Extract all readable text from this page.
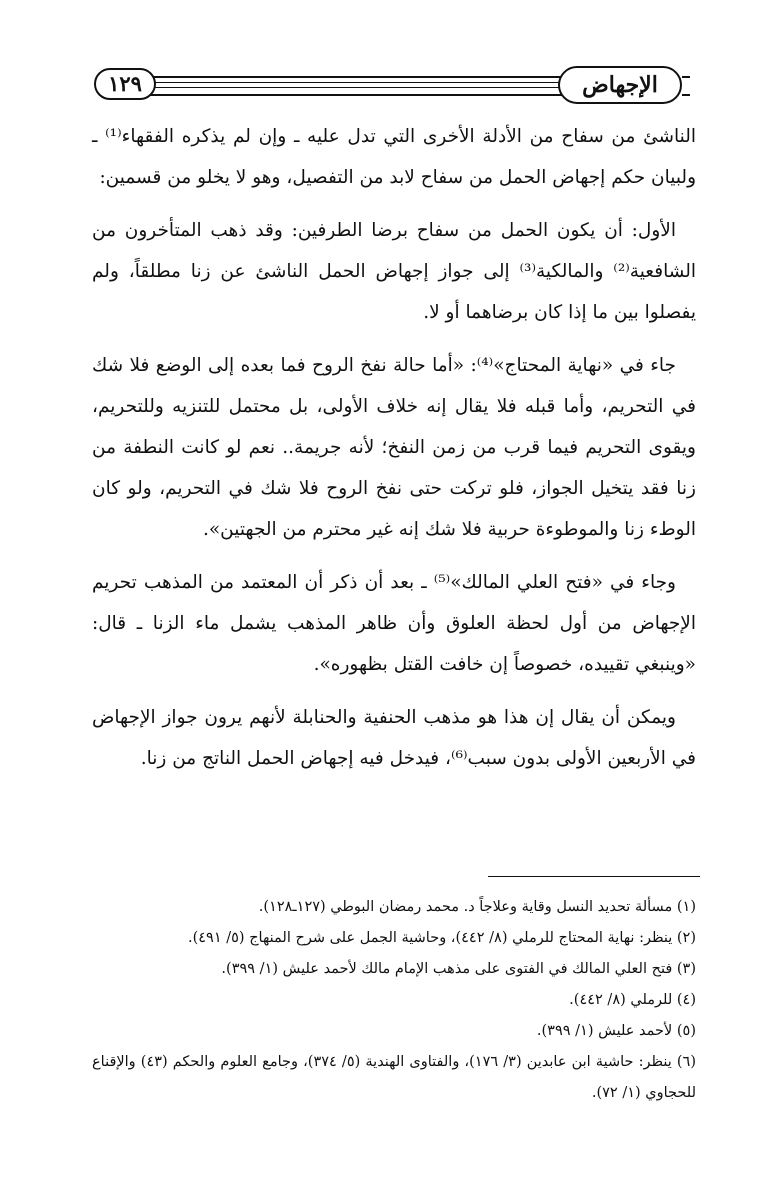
١٢٩	الإجهاض

الناشئ من سفاح من الأدلة الأخرى التي تدل عليه ـ وإن لم يذكره الفقهاء⁽¹⁾ ـ ولبيان حكم إجهاض الحمل من سفاح لابد من التفصيل، وهو لا يخلو من قسمين:

الأول: أن يكون الحمل من سفاح برضا الطرفين: وقد ذهب المتأخرون من الشافعية⁽²⁾ والمالكية⁽³⁾ إلى جواز إجهاض الحمل الناشئ عن زنا مطلقاً، ولم يفصلوا بين ما إذا كان برضاهما أو لا.

جاء في «نهاية المحتاج»⁽⁴⁾: «أما حالة نفخ الروح فما بعده إلى الوضع فلا شك في التحريم، وأما قبله فلا يقال إنه خلاف الأولى، بل محتمل للتنزيه وللتحريم، ويقوى التحريم فيما قرب من زمن النفخ؛ لأنه جريمة.. نعم لو كانت النطفة من زنا فقد يتخيل الجواز، فلو تركت حتى نفخ الروح فلا شك في التحريم، ولو كان الوطء زنا والموطوءة حربية فلا شك إنه غير محترم من الجهتين».

وجاء في «فتح العلي المالك»⁽⁵⁾ ـ بعد أن ذكر أن المعتمد من المذهب تحريم الإجهاض من أول لحظة العلوق وأن ظاهر المذهب يشمل ماء الزنا ـ قال: «وينبغي تقييده، خصوصاً إن خافت القتل بظهوره».

ويمكن أن يقال إن هذا هو مذهب الحنفية والحنابلة لأنهم يرون جواز الإجهاض في الأربعين الأولى بدون سبب⁽⁶⁾، فيدخل فيه إجهاض الحمل الناتج من زنا.

(١) مسألة تحديد النسل وقاية وعلاجاً د. محمد رمضان البوطي (١٢٧ـ١٢٨).
(٢) ينظر: نهاية المحتاج للرملي (٨/ ٤٤٢)، وحاشية الجمل على شرح المنهاج (٥/ ٤٩١).
(٣) فتح العلي المالك في الفتوى على مذهب الإمام مالك لأحمد عليش (١/ ٣٩٩).
(٤) للرملي (٨/ ٤٤٢).
(٥) لأحمد عليش (١/ ٣٩٩).
(٦) ينظر: حاشية ابن عابدين (٣/ ١٧٦)، والفتاوى الهندية (٥/ ٣٧٤)، وجامع العلوم والحكم (٤٣) والإقناع للحجاوي (١/ ٧٢).
